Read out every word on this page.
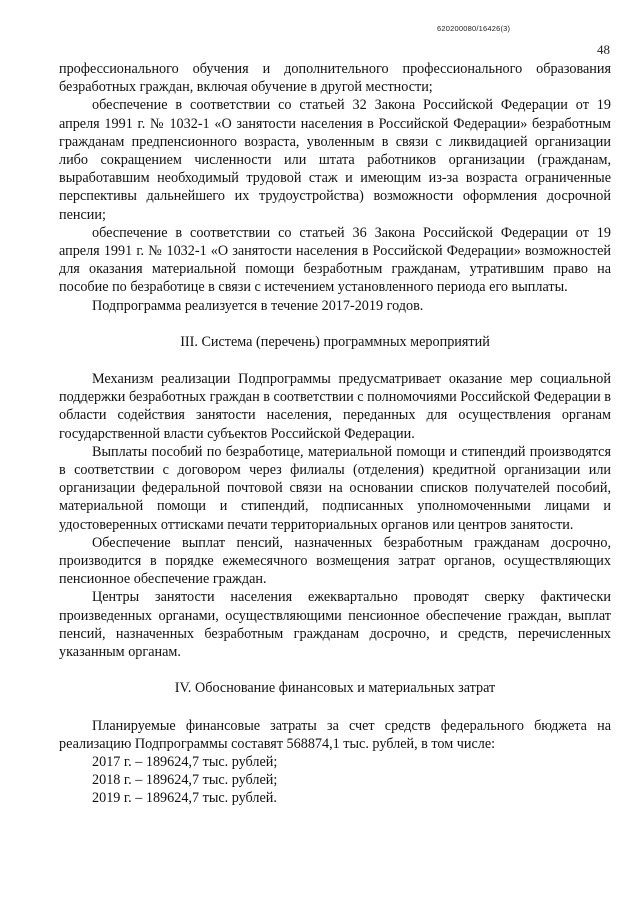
620200080/16426(3)
48

профессионального обучения и дополнительного профессионального образования безработных граждан, включая обучение в другой местности;

обеспечение в соответствии со статьей 32 Закона Российской Федерации от 19 апреля 1991 г. № 1032-1 «О занятости населения в Российской Федерации» безработным гражданам предпенсионного возраста, уволенным в связи с ликвидацией организации либо сокращением численности или штата работников организации (гражданам, выработавшим необходимый трудовой стаж и имеющим из-за возраста ограниченные перспективы дальнейшего их трудоустройства) возможности оформления досрочной пенсии;

обеспечение в соответствии со статьей 36 Закона Российской Федерации от 19 апреля 1991 г. № 1032-1 «О занятости населения в Российской Федерации» возможностей для оказания материальной помощи безработным гражданам, утратившим право на пособие по безработице в связи с истечением установленного периода его выплаты.

Подпрограмма реализуется в течение 2017-2019 годов.

III. Система (перечень) программных мероприятий

Механизм реализации Подпрограммы предусматривает оказание мер социальной поддержки безработных граждан в соответствии с полномочиями Российской Федерации в области содействия занятости населения, переданных для осуществления органам государственной власти субъектов Российской Федерации.

Выплаты пособий по безработице, материальной помощи и стипендий производятся в соответствии с договором через филиалы (отделения) кредитной организации или организации федеральной почтовой связи на основании списков получателей пособий, материальной помощи и стипендий, подписанных уполномоченными лицами и удостоверенных оттисками печати территориальных органов или центров занятости.

Обеспечение выплат пенсий, назначенных безработным гражданам досрочно, производится в порядке ежемесячного возмещения затрат органов, осуществляющих пенсионное обеспечение граждан.

Центры занятости населения ежеквартально проводят сверку фактически произведенных органами, осуществляющими пенсионное обеспечение граждан, выплат пенсий, назначенных безработным гражданам досрочно, и средств, перечисленных указанным органам.

IV. Обоснование финансовых и материальных затрат

Планируемые финансовые затраты за счет средств федерального бюджета на реализацию Подпрограммы составят 568874,1 тыс. рублей, в том числе:

2017 г. – 189624,7 тыс. рублей;

2018 г. – 189624,7 тыс. рублей;

2019 г. – 189624,7 тыс. рублей.
